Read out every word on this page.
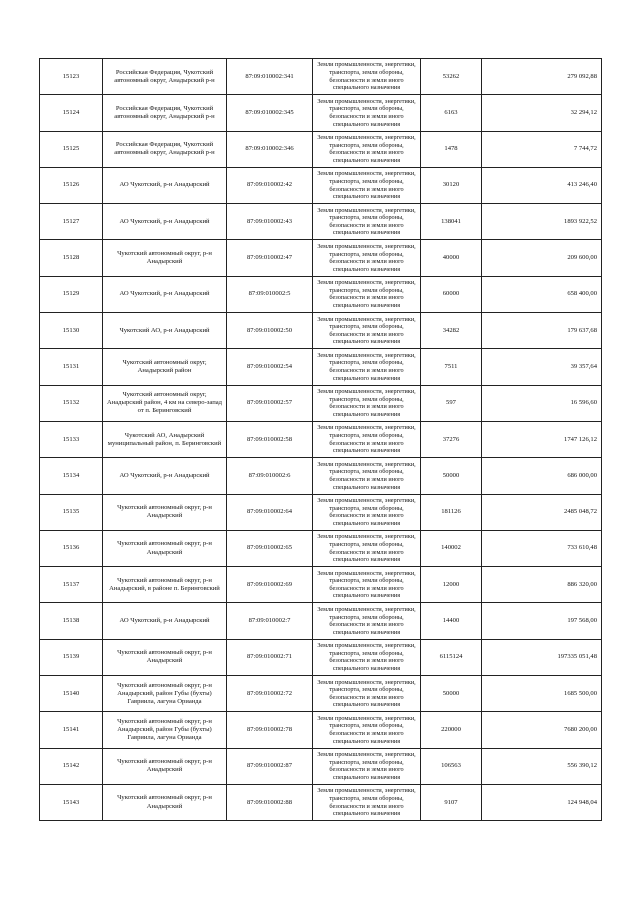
15123	Российская Федерация, Чукотский автономный округ, Анадырский р-н	87:09:010002:341	Земли промышленности, энергетики, транспорта, земли обороны, безопасности и земли иного специального назначения	53262	279 092,88
15124	Российская Федерация, Чукотский автономный округ, Анадырский р-н	87:09:010002:345	Земли промышленности, энергетики, транспорта, земли обороны, безопасности и земли иного специального назначения	6163	32 294,12
15125	Российская Федерация, Чукотский автономный округ, Анадырский р-н	87:09:010002:346	Земли промышленности, энергетики, транспорта, земли обороны, безопасности и земли иного специального назначения	1478	7 744,72
15126	АО Чукотский, р-н Анадырский	87:09:010002:42	Земли промышленности, энергетики, транспорта, земли обороны, безопасности и земли иного специального назначения	30120	413 246,40
15127	АО Чукотский, р-н Анадырский	87:09:010002:43	Земли промышленности, энергетики, транспорта, земли обороны, безопасности и земли иного специального назначения	138041	1893 922,52
15128	Чукотский автономный округ, р-н Анадырский	87:09:010002:47	Земли промышленности, энергетики, транспорта, земли обороны, безопасности и земли иного специального назначения	40000	209 600,00
15129	АО Чукотский, р-н Анадырский	87:09:010002:5	Земли промышленности, энергетики, транспорта, земли обороны, безопасности и земли иного специального назначения	60000	658 400,00
15130	Чукотский АО, р-н Анадырский	87:09:010002:50	Земли промышленности, энергетики, транспорта, земли обороны, безопасности и земли иного специального назначения	34282	179 637,68
15131	Чукотский автономный округ, Анадырский район	87:09:010002:54	Земли промышленности, энергетики, транспорта, земли обороны, безопасности и земли иного специального назначения	7511	39 357,64
15132	Чукотский автономный округ, Анадырский район, 4 км на северо-запад от п. Беринговский	87:09:010002:57	Земли промышленности, энергетики, транспорта, земли обороны, безопасности и земли иного специального назначения	597	16 596,60
15133	Чукотский АО, Анадырский муниципальный район, п. Беринговский	87:09:010002:58	Земли промышленности, энергетики, транспорта, земли обороны, безопасности и земли иного специального назначения	37276	1747 126,12
15134	АО Чукотский, р-н Анадырский	87:09:010002:6	Земли промышленности, энергетики, транспорта, земли обороны, безопасности и земли иного специального назначения	50000	686 000,00
15135	Чукотский автономный округ, р-н Анадырский	87:09:010002:64	Земли промышленности, энергетики, транспорта, земли обороны, безопасности и земли иного специального назначения	181126	2485 048,72
15136	Чукотский автономный округ, р-н Анадырский	87:09:010002:65	Земли промышленности, энергетики, транспорта, земли обороны, безопасности и земли иного специального назначения	140002	733 610,48
15137	Чукотский автономный округ, р-н Анадырский, в районе п. Беринговский	87:09:010002:69	Земли промышленности, энергетики, транспорта, земли обороны, безопасности и земли иного специального назначения	12000	886 320,00
15138	АО Чукотский, р-н Анадырский	87:09:010002:7	Земли промышленности, энергетики, транспорта, земли обороны, безопасности и земли иного специального назначения	14400	197 568,00
15139	Чукотский автономный округ, р-н Анадырский	87:09:010002:71	Земли промышленности, энергетики, транспорта, земли обороны, безопасности и земли иного специального назначения	6115124	197335 051,48
15140	Чукотский автономный округ, р-н Анадырский, район Губы (бухты) Гавриила, лагуна Орианда	87:09:010002:72	Земли промышленности, энергетики, транспорта, земли обороны, безопасности и земли иного специального назначения	50000	1685 500,00
15141	Чукотский автономный округ, р-н Анадырский, район Губы (бухты) Гавриила, лагуна Орианда	87:09:010002:78	Земли промышленности, энергетики, транспорта, земли обороны, безопасности и земли иного специального назначения	220000	7680 200,00
15142	Чукотский автономный округ, р-н Анадырский	87:09:010002:87	Земли промышленности, энергетики, транспорта, земли обороны, безопасности и земли иного специального назначения	106563	556 390,12
15143	Чукотский автономный округ, р-н Анадырский	87:09:010002:88	Земли промышленности, энергетики, транспорта, земли обороны, безопасности и земли иного специального назначения	9107	124 948,04
